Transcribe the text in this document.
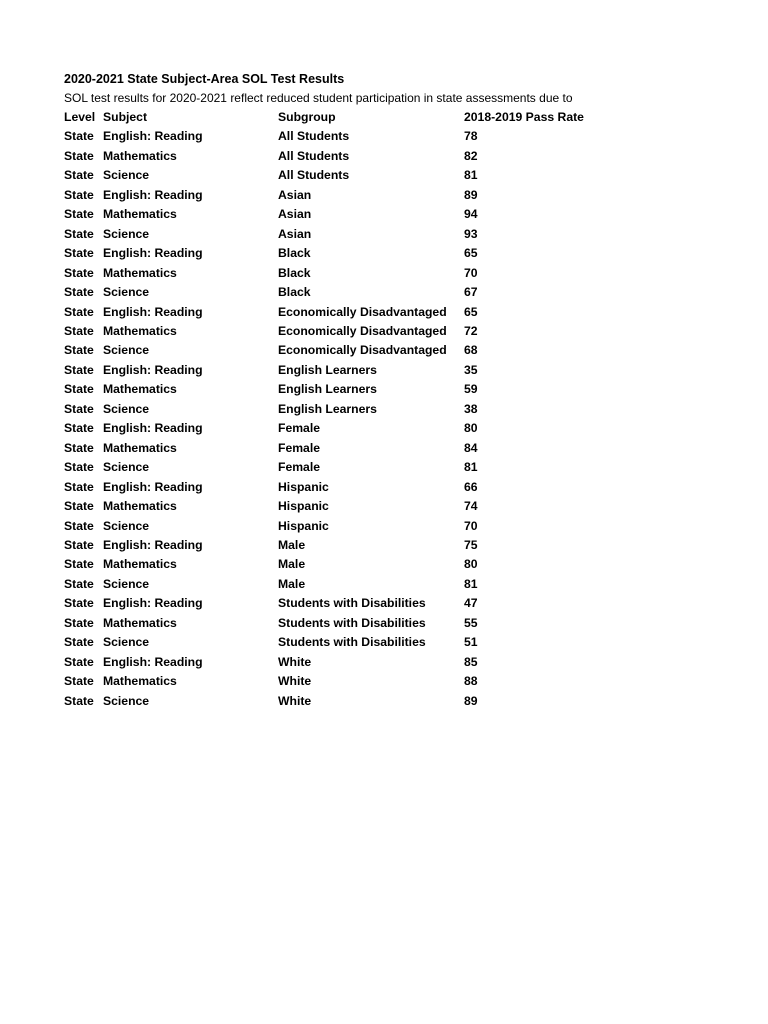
2020-2021 State Subject-Area SOL Test Results
SOL test results for 2020-2021 reflect reduced student participation in state assessments due to
Level	Subject	Subgroup	2018-2019 Pass Rate
State	English: Reading	All Students	78
State	Mathematics	All Students	82
State	Science	All Students	81
State	English: Reading	Asian	89
State	Mathematics	Asian	94
State	Science	Asian	93
State	English: Reading	Black	65
State	Mathematics	Black	70
State	Science	Black	67
State	English: Reading	Economically Disadvantaged	65
State	Mathematics	Economically Disadvantaged	72
State	Science	Economically Disadvantaged	68
State	English: Reading	English Learners	35
State	Mathematics	English Learners	59
State	Science	English Learners	38
State	English: Reading	Female	80
State	Mathematics	Female	84
State	Science	Female	81
State	English: Reading	Hispanic	66
State	Mathematics	Hispanic	74
State	Science	Hispanic	70
State	English: Reading	Male	75
State	Mathematics	Male	80
State	Science	Male	81
State	English: Reading	Students with Disabilities	47
State	Mathematics	Students with Disabilities	55
State	Science	Students with Disabilities	51
State	English: Reading	White	85
State	Mathematics	White	88
State	Science	White	89
